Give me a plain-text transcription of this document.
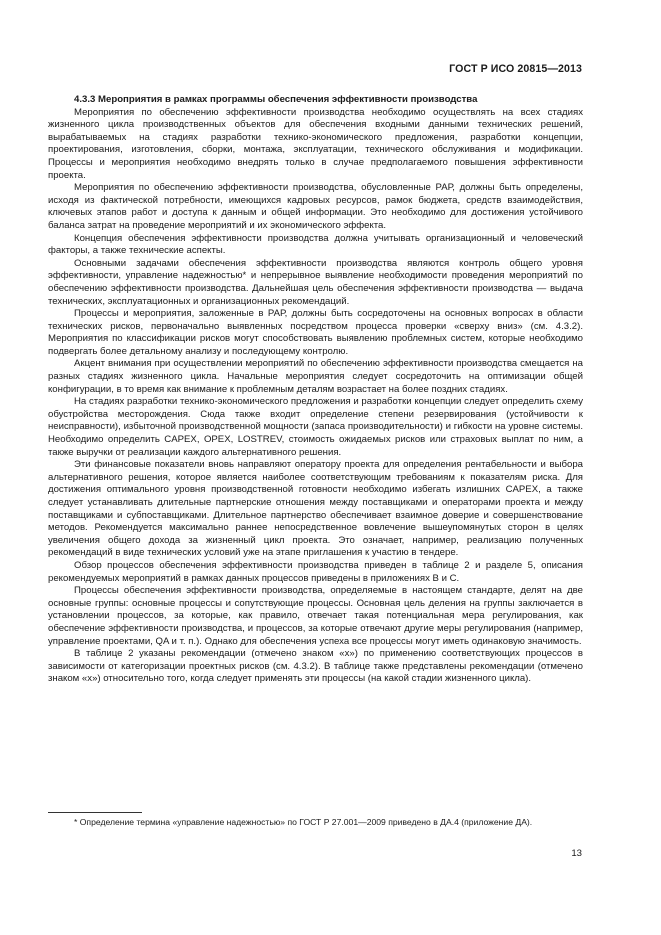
ГОСТ Р ИСО 20815—2013

4.3.3 Мероприятия в рамках программы обеспечения эффективности производства

Мероприятия по обеспечению эффективности производства необходимо осуществлять на всех стадиях жизненного цикла производственных объектов для обеспечения входными данными технических решений, вырабатываемых на стадиях разработки технико-экономического предложения, разработки концепции, проектирования, изготовления, сборки, монтажа, эксплуатации, технического обслуживания и модификации. Процессы и мероприятия необходимо внедрять только в случае предполагаемого повышения эффективности проекта.

Мероприятия по обеспечению эффективности производства, обусловленные РАР, должны быть определены, исходя из фактической потребности, имеющихся кадровых ресурсов, рамок бюджета, средств взаимодействия, ключевых этапов работ и доступа к данным и общей информации. Это необходимо для достижения устойчивого баланса затрат на проведение мероприятий и их экономического эффекта.

Концепция обеспечения эффективности производства должна учитывать организационный и человеческий факторы, а также технические аспекты.

Основными задачами обеспечения эффективности производства являются контроль общего уровня эффективности, управление надежностью* и непрерывное выявление необходимости проведения мероприятий по обеспечению эффективности производства. Дальнейшая цель обеспечения эффективности производства — выдача технических, эксплуатационных и организационных рекомендаций.

Процессы и мероприятия, заложенные в РАР, должны быть сосредоточены на основных вопросах в области технических рисков, первоначально выявленных посредством процесса проверки «сверху вниз» (см. 4.3.2). Мероприятия по классификации рисков могут способствовать выявлению проблемных систем, которые необходимо подвергать более детальному анализу и последующему контролю.

Акцент внимания при осуществлении мероприятий по обеспечению эффективности производства смещается на разных стадиях жизненного цикла. Начальные мероприятия следует сосредоточить на оптимизации общей конфигурации, в то время как внимание к проблемным деталям возрастает на более поздних стадиях.

На стадиях разработки технико-экономического предложения и разработки концепции следует определить схему обустройства месторождения. Сюда также входит определение степени резервирования (устойчивости к неисправности), избыточной производственной мощности (запаса производительности) и гибкости на уровне системы. Необходимо определить CAPEX, OPEX, LOSTREV, стоимость ожидаемых рисков или страховых выплат по ним, а также выручки от реализации каждого альтернативного решения.

Эти финансовые показатели вновь направляют оператору проекта для определения рентабельности и выбора альтернативного решения, которое является наиболее соответствующим требованиям к показателям риска. Для достижения оптимального уровня производственной готовности необходимо избегать излишних CAPEX, а также следует устанавливать длительные партнерские отношения между поставщиками и операторами проекта и между поставщиками и субпоставщиками. Длительное партнерство обеспечивает взаимное доверие и совершенствование методов. Рекомендуется максимально раннее непосредственное вовлечение вышеупомянутых сторон в целях увеличения общего дохода за жизненный цикл проекта. Это означает, например, реализацию полученных рекомендаций в виде технических условий уже на этапе приглашения к участию в тендере.

Обзор процессов обеспечения эффективности производства приведен в таблице 2 и разделе 5, описания рекомендуемых мероприятий в рамках данных процессов приведены в приложениях В и С.

Процессы обеспечения эффективности производства, определяемые в настоящем стандарте, делят на две основные группы: основные процессы и сопутствующие процессы. Основная цель деления на группы заключается в установлении процессов, за которые, как правило, отвечает такая потенциальная мера регулирования, как обеспечение эффективности производства, и процессов, за которые отвечают другие меры регулирования (например, управление проектами, QA и т. п.). Однако для обеспечения успеха все процессы могут иметь одинаковую значимость.

В таблице 2 указаны рекомендации (отмечено знаком «х») по применению соответствующих процессов в зависимости от категоризации проектных рисков (см. 4.3.2). В таблице также представлены рекомендации (отмечено знаком «х») относительно того, когда следует применять эти процессы (на какой стадии жизненного цикла).

* Определение термина «управление надежностью» по ГОСТ Р 27.001—2009 приведено в ДА.4 (приложение ДА).

13
